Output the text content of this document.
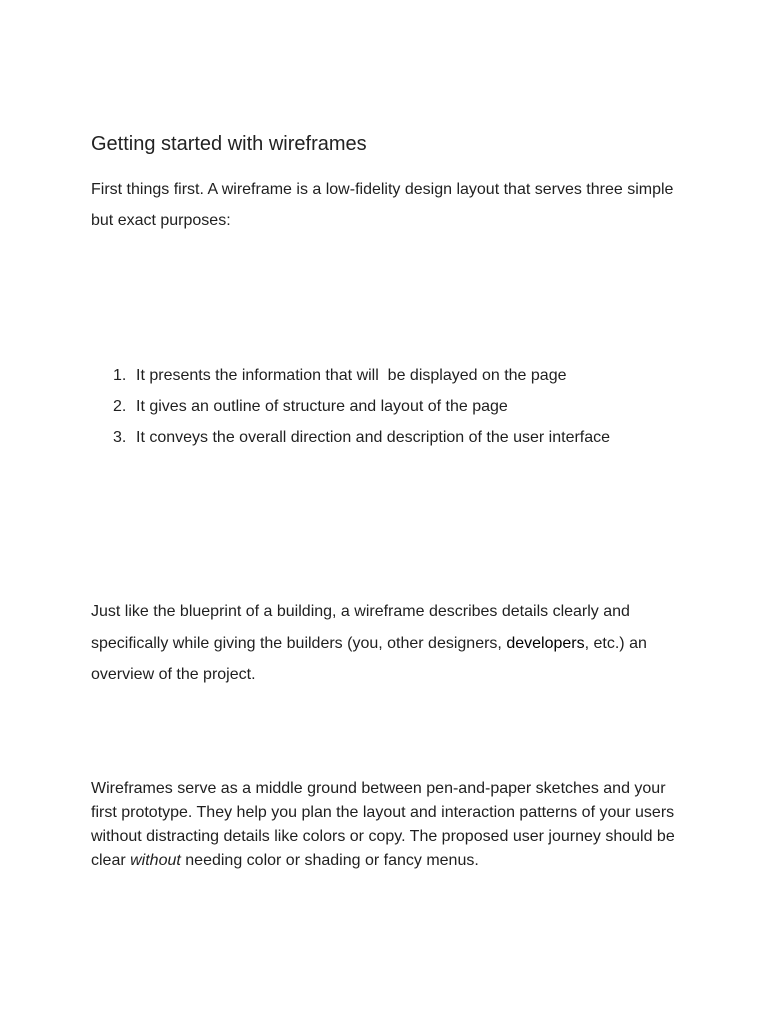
Getting started with wireframes

First things first. A wireframe is a low-fidelity design layout that serves three simple but exact purposes:

1. It presents the information that will  be displayed on the page
2. It gives an outline of structure and layout of the page
3. It conveys the overall direction and description of the user interface

Just like the blueprint of a building, a wireframe describes details clearly and specifically while giving the builders (you, other designers, developers, etc.) an overview of the project.

Wireframes serve as a middle ground between pen-and-paper sketches and your first prototype. They help you plan the layout and interaction patterns of your users without distracting details like colors or copy. The proposed user journey should be clear without needing color or shading or fancy menus.
